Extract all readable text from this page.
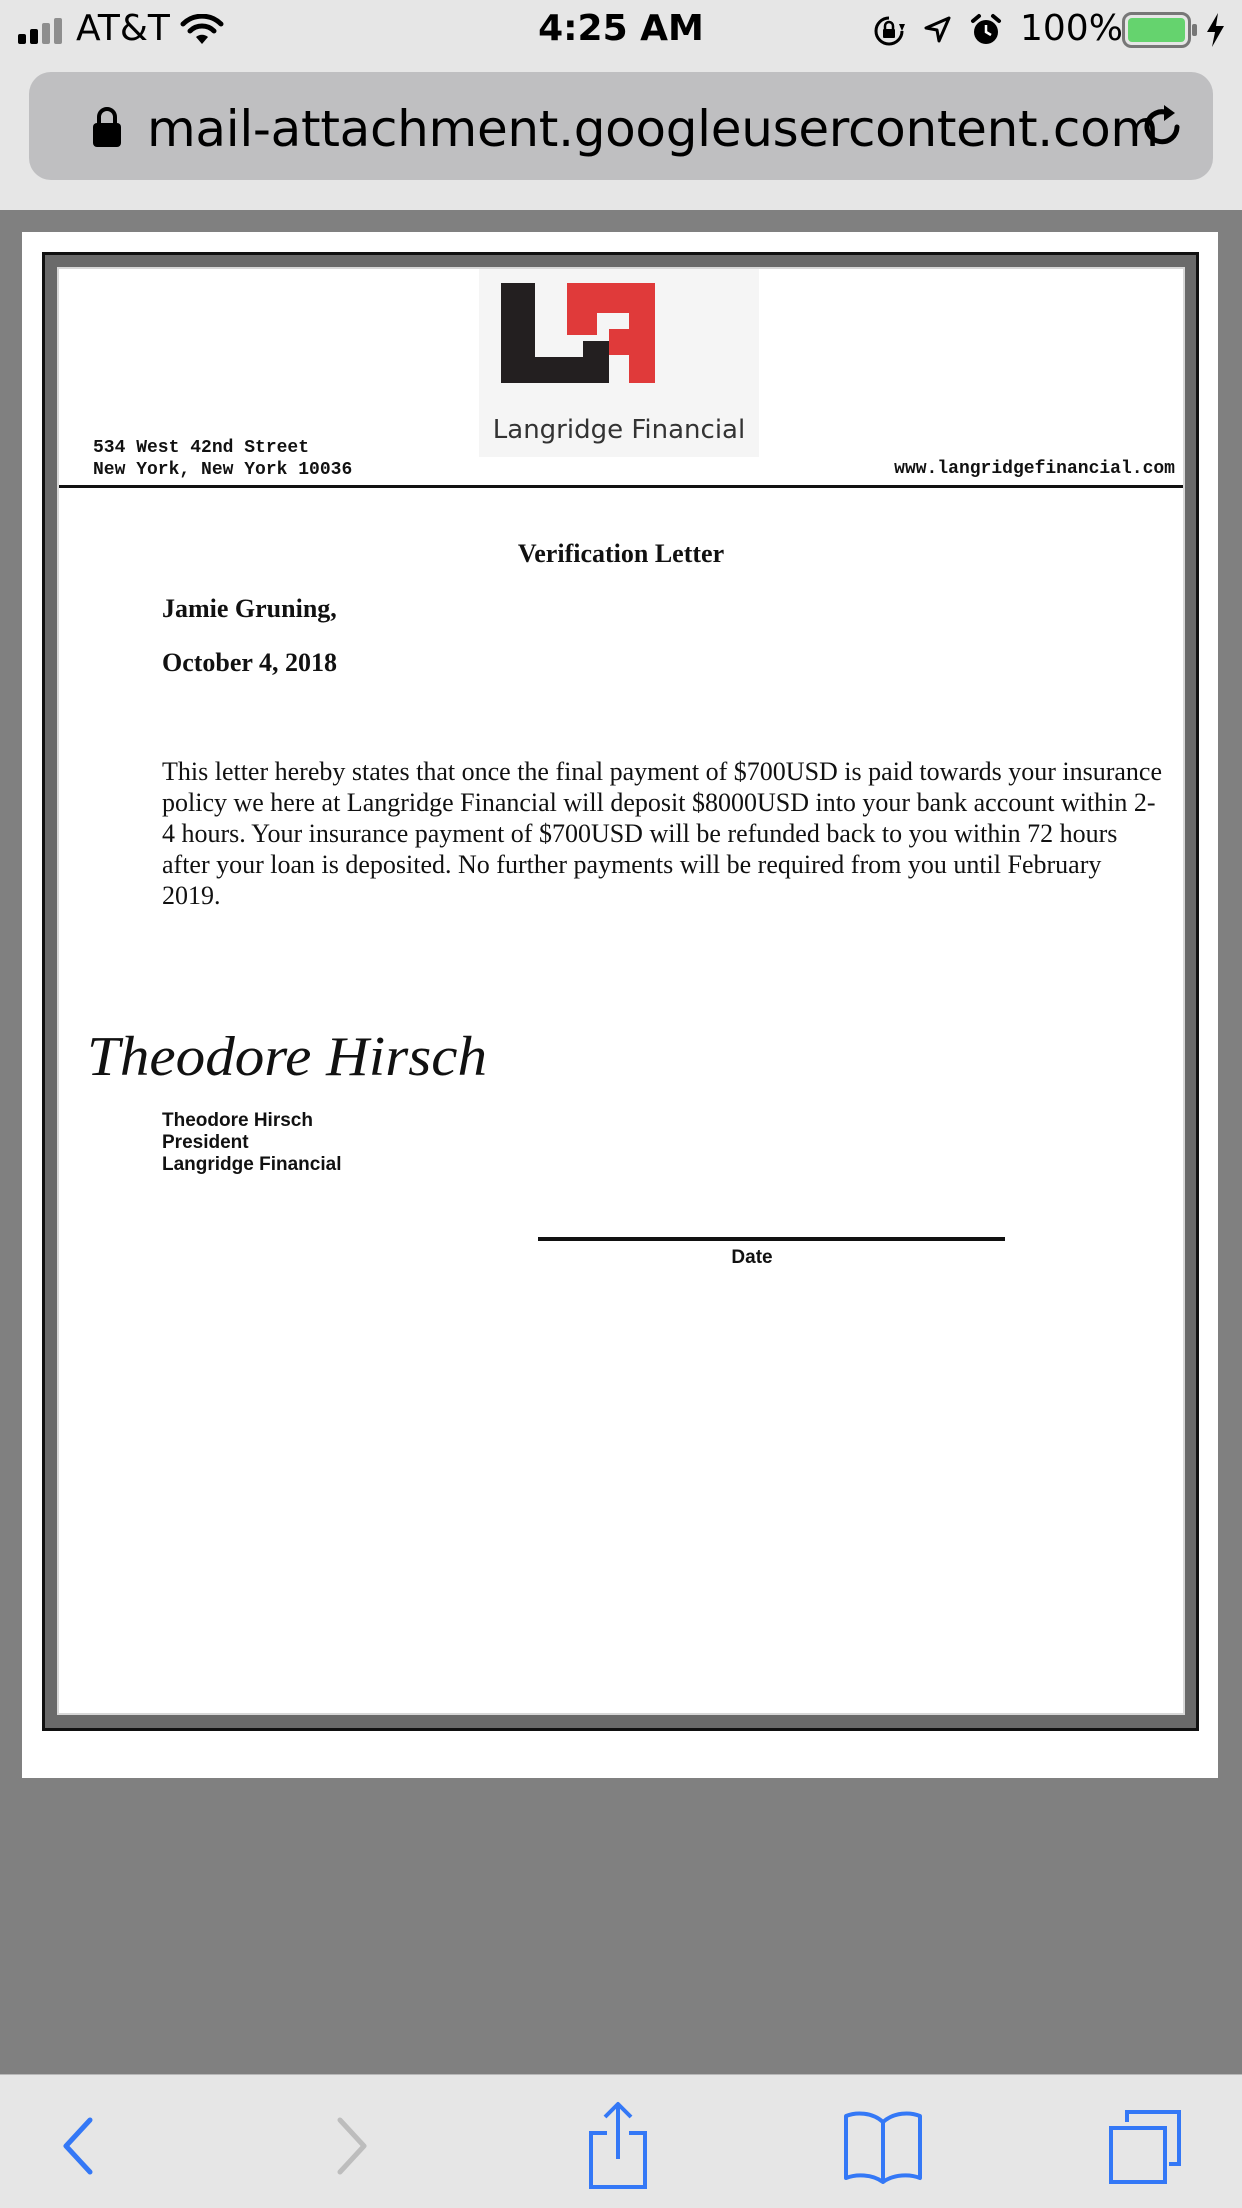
AT&T	4:25 AM	100%
mail-attachment.googleusercontent.com
Langridge Financial
534 West 42nd Street
New York, New York 10036	www.langridgefinancial.com
Verification Letter
Jamie Gruning,
October 4, 2018
This letter hereby states that once the final payment of $700USD is paid towards your insurance policy we here at Langridge Financial will deposit $8000USD into your bank account within 2-4 hours. Your insurance payment of $700USD will be refunded back to you within 72 hours after your loan is deposited. No further payments will be required from you until February 2019.
Theodore Hirsch
Theodore Hirsch
President
Langridge Financial
Date
